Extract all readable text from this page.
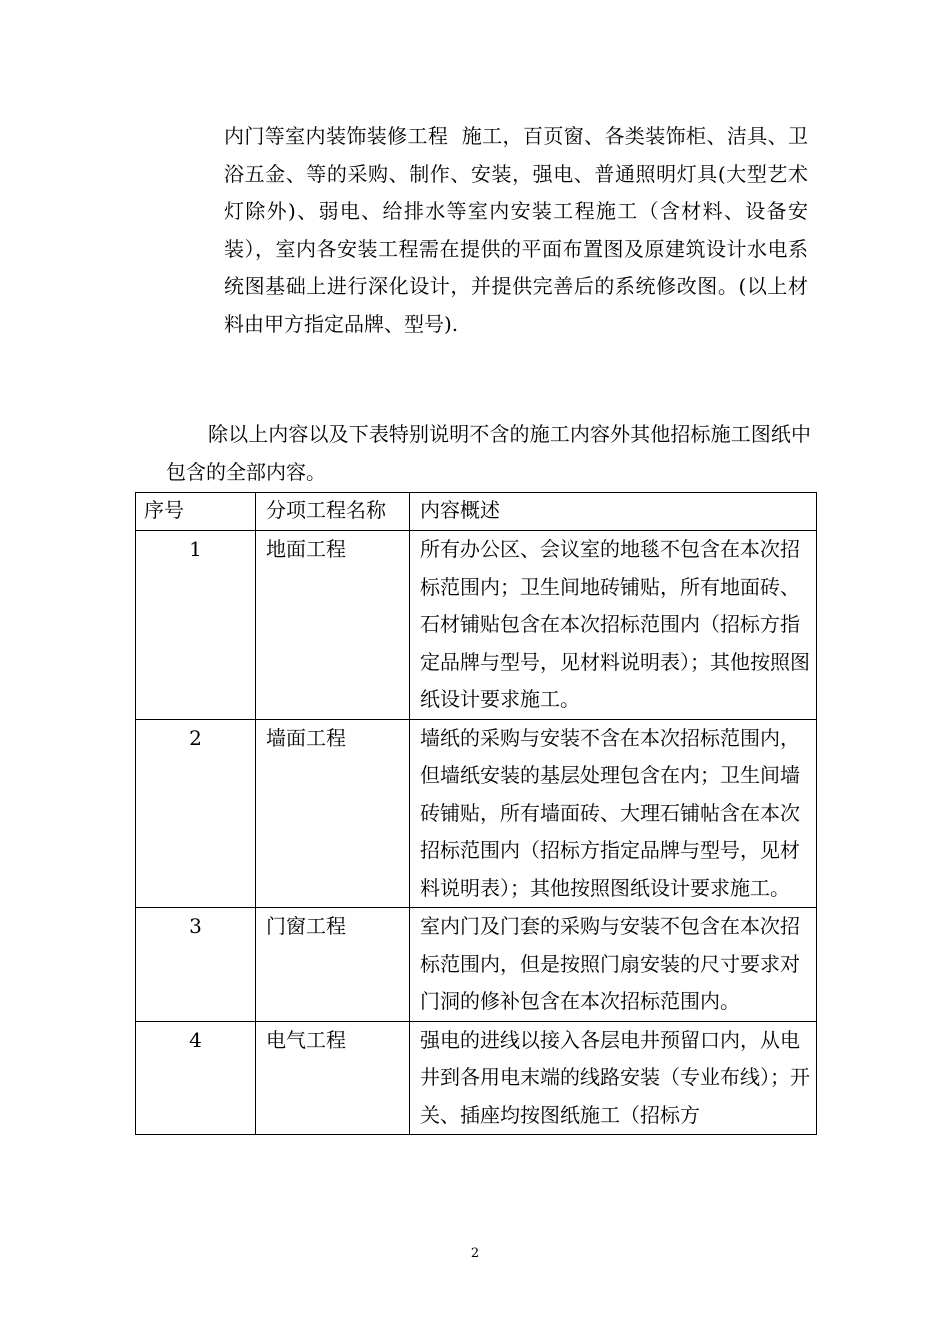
内门等室内装饰装修工程  施工，百页窗、各类装饰柜、洁具、卫浴五金、等的采购、制作、安装，强电、普通照明灯具(大型艺术灯除外)、弱电、给排水等室内安装工程施工（含材料、设备安装），室内各安装工程需在提供的平面布置图及原建筑设计水电系统图基础上进行深化设计，并提供完善后的系统修改图。(以上材料由甲方指定品牌、型号).

除以上内容以及下表特别说明不含的施工内容外其他招标施工图纸中包含的全部内容。

序号	分项工程名称	内容概述
1	地面工程	所有办公区、会议室的地毯不包含在本次招标范围内；卫生间地砖铺贴，所有地面砖、石材铺贴包含在本次招标范围内（招标方指定品牌与型号，见材料说明表）；其他按照图纸设计要求施工。
2	墙面工程	墙纸的采购与安装不含在本次招标范围内，但墙纸安装的基层处理包含在内；卫生间墙砖铺贴，所有墙面砖、大理石铺帖含在本次招标范围内（招标方指定品牌与型号，见材料说明表）；其他按照图纸设计要求施工。
3	门窗工程	室内门及门套的采购与安装不包含在本次招标范围内，但是按照门扇安装的尺寸要求对门洞的修补包含在本次招标范围内。
4	电气工程	强电的进线以接入各层电井预留口内，从电井到各用电末端的线路安装（专业布线）；开关、插座均按图纸施工（招标方
2
